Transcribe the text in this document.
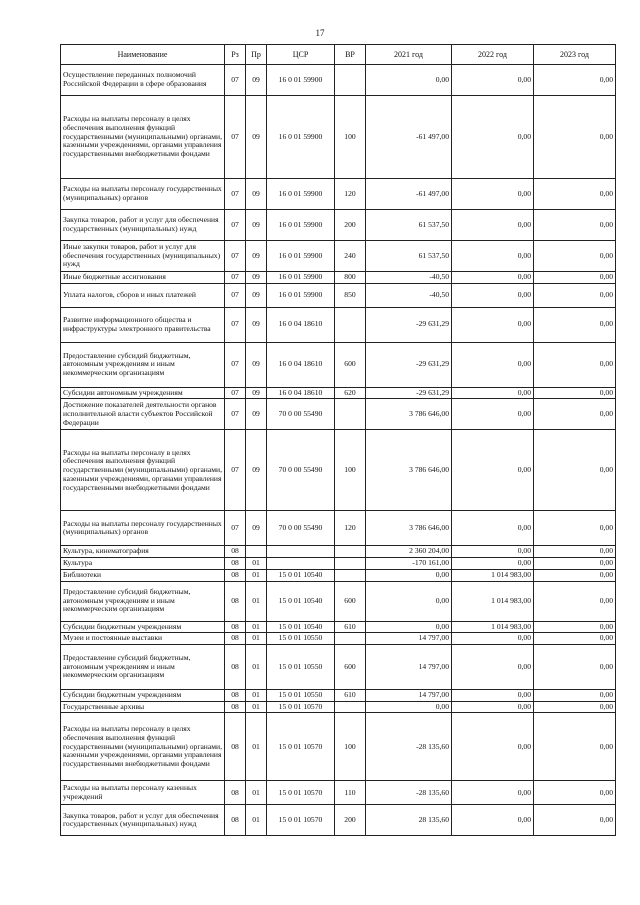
17
Наименование	Рз	Пр	ЦСР	ВР	2021 год	2022 год	2023 год
Осуществление переданных полномочий Российской Федерации в сфере образования	07	09	16 0 01 59900		0,00	0,00	0,00
Расходы на выплаты персоналу в целях обеспечения выполнения функций государственными (муниципальными) органами, казенными учреждениями, органами управления государственными внебюджетными фондами	07	09	16 0 01 59900	100	-61 497,00	0,00	0,00
Расходы на выплаты персоналу государственных (муниципальных) органов	07	09	16 0 01 59900	120	-61 497,00	0,00	0,00
Закупка товаров, работ и услуг для обеспечения государственных (муниципальных) нужд	07	09	16 0 01 59900	200	61 537,50	0,00	0,00
Иные закупки товаров, работ и услуг для обеспечения государственных (муниципальных) нужд	07	09	16 0 01 59900	240	61 537,50	0,00	0,00
Иные бюджетные ассигнования	07	09	16 0 01 59900	800	-40,50	0,00	0,00
Уплата налогов, сборов и иных платежей	07	09	16 0 01 59900	850	-40,50	0,00	0,00
Развитие информационного общества и инфраструктуры электронного правительства	07	09	16 0 04 18610		-29 631,29	0,00	0,00
Предоставление субсидий бюджетным, автономным учреждениям и иным некоммерческим организациям	07	09	16 0 04 18610	600	-29 631,29	0,00	0,00
Субсидии автономным учреждениям	07	09	16 0 04 18610	620	-29 631,29	0,00	0,00
Достижение показателей деятельности органов исполнительной власти субъектов Российской Федерации	07	09	70 0 00 55490		3 786 646,00	0,00	0,00
Расходы на выплаты персоналу в целях обеспечения выполнения функций государственными (муниципальными) органами, казенными учреждениями, органами управления государственными внебюджетными фондами	07	09	70 0 00 55490	100	3 786 646,00	0,00	0,00
Расходы на выплаты персоналу государственных (муниципальных) органов	07	09	70 0 00 55490	120	3 786 646,00	0,00	0,00
Культура, кинематография	08				2 360 204,00	0,00	0,00
Культура	08	01			-170 161,00	0,00	0,00
Библиотеки	08	01	15 0 01 10540		0,00	1 014 983,00	0,00
Предоставление субсидий бюджетным, автономным учреждениям и иным некоммерческим организациям	08	01	15 0 01 10540	600	0,00	1 014 983,00	0,00
Субсидии бюджетным учреждениям	08	01	15 0 01 10540	610	0,00	1 014 983,00	0,00
Музеи и постоянные выставки	08	01	15 0 01 10550		14 797,00	0,00	0,00
Предоставление субсидий бюджетным, автономным учреждениям и иным некоммерческим организациям	08	01	15 0 01 10550	600	14 797,00	0,00	0,00
Субсидии бюджетным учреждениям	08	01	15 0 01 10550	610	14 797,00	0,00	0,00
Государственные архивы	08	01	15 0 01 10570		0,00	0,00	0,00
Расходы на выплаты персоналу в целях обеспечения выполнения функций государственными (муниципальными) органами, казенными учреждениями, органами управления государственными внебюджетными фондами	08	01	15 0 01 10570	100	-28 135,60	0,00	0,00
Расходы на выплаты персоналу казенных учреждений	08	01	15 0 01 10570	110	-28 135,60	0,00	0,00
Закупка товаров, работ и услуг для обеспечения государственных (муниципальных) нужд	08	01	15 0 01 10570	200	28 135,60	0,00	0,00
